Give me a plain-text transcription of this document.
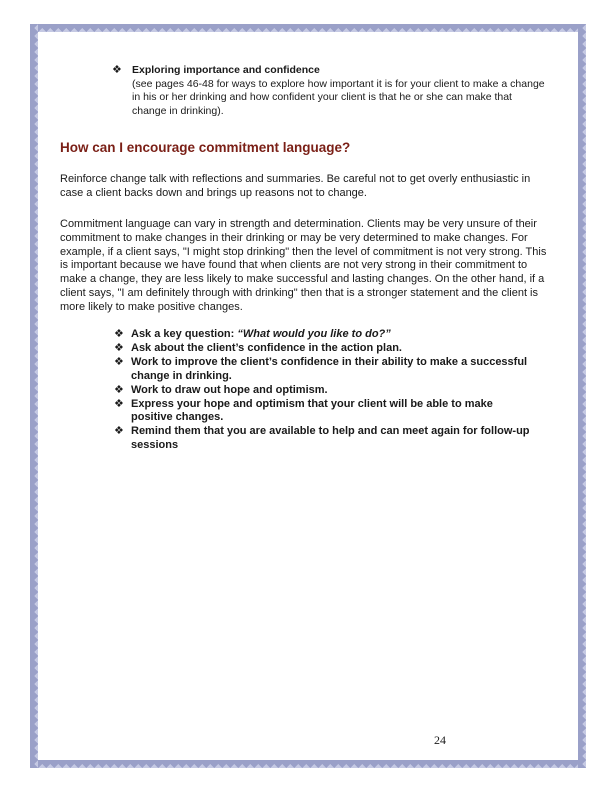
❖ Exploring importance and confidence
(see pages 46-48 for ways to explore how important it is for your client to make a change in his or her drinking and how confident your client is that he or she can make that change in drinking).
How can I encourage commitment language?
Reinforce change talk with reflections and summaries. Be careful not to get overly enthusiastic in case a client backs down and brings up reasons not to change.
Commitment language can vary in strength and determination. Clients may be very unsure of their commitment to make changes in their drinking or may be very determined to make changes. For example, if a client says, "I might stop drinking" then the level of commitment is not very strong. This is important because we have found that when clients are not very strong in their commitment to make a change, they are less likely to make successful and lasting changes. On the other hand, if a client says, "I am definitely through with drinking" then that is a stronger statement and the client is more likely to make positive changes.
❖ Ask a key question: “What would you like to do?”
❖ Ask about the client’s confidence in the action plan.
❖ Work to improve the client’s confidence in their ability to make a successful change in drinking.
❖ Work to draw out hope and optimism.
❖ Express your hope and optimism that your client will be able to make positive changes.
❖ Remind them that you are available to help and can meet again for follow-up sessions
24
